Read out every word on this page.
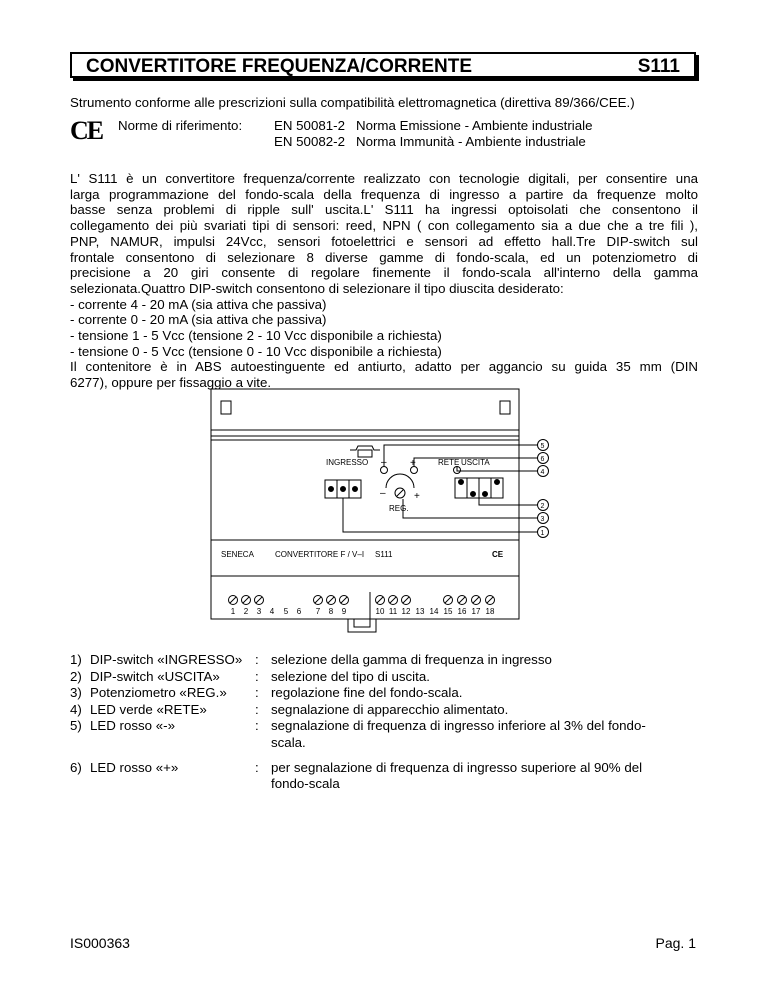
CONVERTITORE FREQUENZA/CORRENTE	S111
Strumento conforme alle prescrizioni sulla compatibilità elettromagnetica (direttiva 89/366/CEE.)
CE Norme di riferimento: EN 50081-2 Norma Emissione - Ambiente industriale
EN 50082-2 Norma Immunità - Ambiente industriale
L' S111 è un convertitore frequenza/corrente realizzato con tecnologie digitali, per consentire una
larga programmazione del fondo-scala della frequenza di ingresso a partire da frequenze molto
basse senza problemi di ripple sull' uscita.L' S111 ha ingressi optoisolati che consentono il
collegamento dei più svariati tipi di sensori: reed, NPN ( con collegamento sia a due che a tre fili ),
PNP, NAMUR, impulsi 24Vcc, sensori fotoelettrici e sensori ad effetto hall.Tre DIP-switch sul
frontale consentono di selezionare 8 diverse gamme di fondo-scala, ed un potenziometro di
precisione a 20 giri consente di regolare finemente il fondo-scala all'interno della gamma
selezionata.Quattro DIP-switch consentono di selezionare il tipo diuscita desiderato:
- corrente 4 - 20 mA (sia attiva che passiva)
- corrente 0 - 20 mA (sia attiva che passiva)
- tensione 1 - 5 Vcc (tensione 2 - 10 Vcc disponibile a richiesta)
- tensione 0 - 5 Vcc (tensione 0 - 10 Vcc disponibile a richiesta)
Il contenitore è in ABS autoestinguente ed antiurto, adatto per aggancio su guida 35 mm (DIN
6277), oppure per fissaggio a vite.
INGRESSO	RETE USCITA
– +
–	+
REG.
SENECA	CONVERTITORE F / V–I S111	CE
5
6
4
2
3
1
1 2 3 4 5 6 7 8 9	10 11 12 13 14 15 16 17 18
1) DIP-switch «INGRESSO» : selezione della gamma di frequenza in ingresso
2) DIP-switch «USCITA»	: selezione del tipo di uscita.
3) Potenziometro «REG.» : regolazione fine del fondo-scala.
4) LED verde «RETE»	: segnalazione di apparecchio alimentato.
5) LED rosso «-»	: segnalazione di frequenza di ingresso inferiore al 3% del fondo-
scala.
6) LED rosso «+»	: per segnalazione di frequenza di ingresso superiore al 90% del
fondo-scala
IS000363	Pag. 1
